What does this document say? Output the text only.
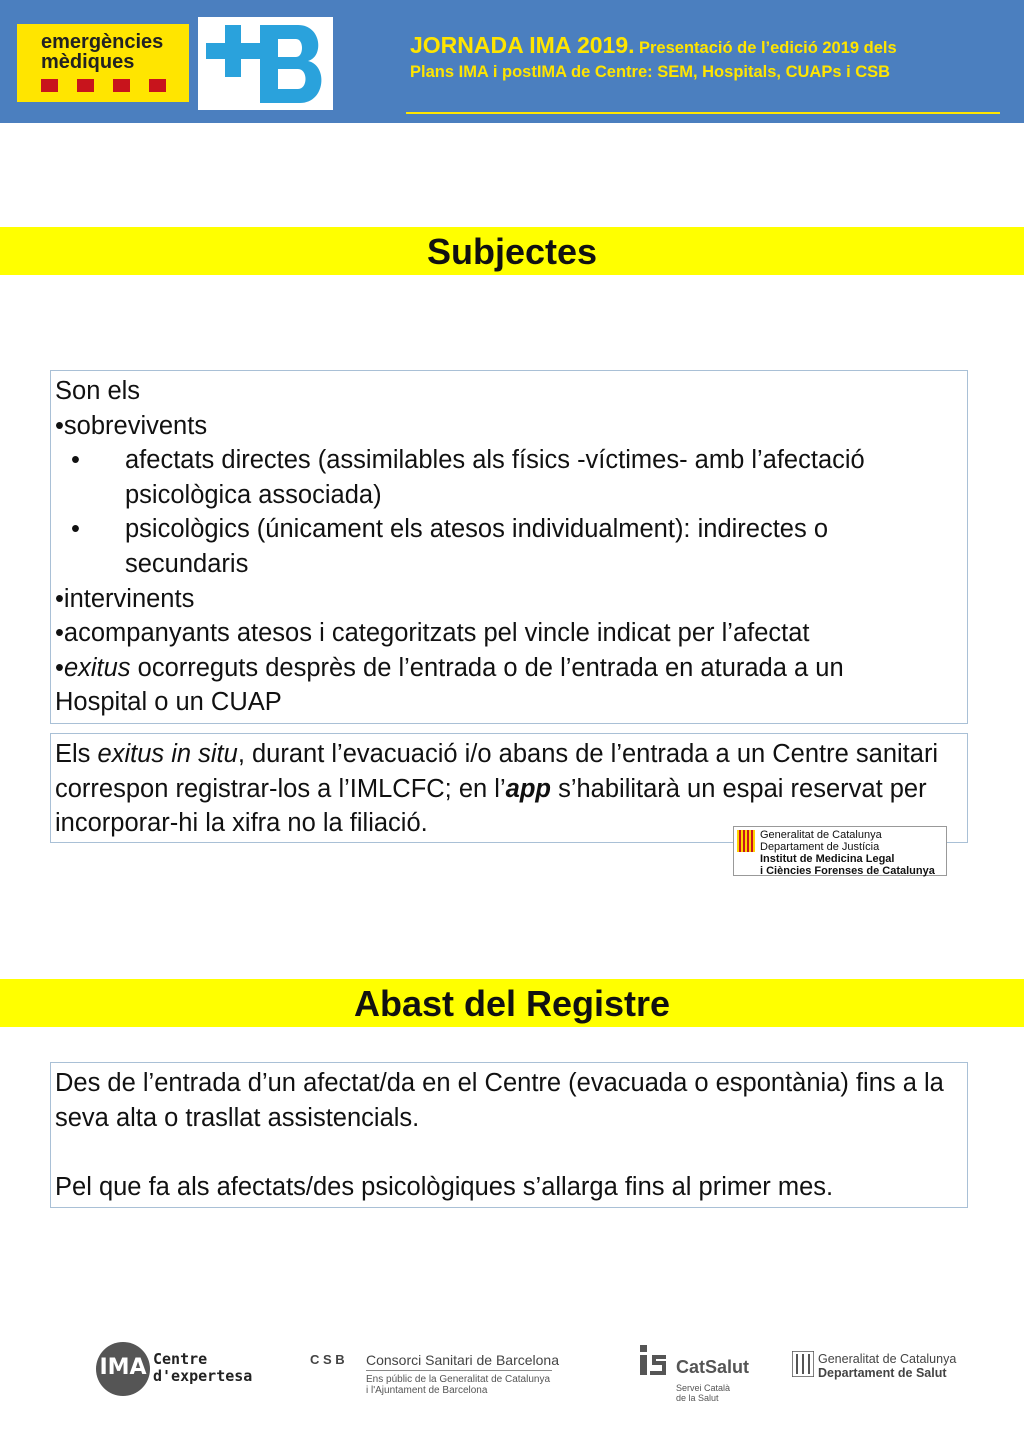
emergències
mèdiques
JORNADA IMA 2019. Presentació de l’edició 2019 dels
Plans IMA i postIMA de Centre: SEM, Hospitals, CUAPs i CSB
Subjectes

Son els

•sobrevivents

• afectats directes (assimilables als físics -víctimes- amb l’afectació
psicològica associada)

• psicològics (únicament els atesos individualment): indirectes o
secundaris

•intervinents

•acompanyants atesos i categoritzats pel vincle indicat per l’afectat

•exitus ocorreguts desprès de l’entrada o de l’entrada en aturada a un
Hospital o un CUAP

Els exitus in situ, durant l’evacuació i/o abans de l’entrada a un Centre sanitari correspon registrar-los a l’IMLCFC; en l’app s’habilitarà un espai reservat per incorporar-hi la xifra no la filiació.	Generalitat de Catalunya
Departament de Justícia
Institut de Medicina Legal
i Ciències Forenses de Catalunya
Abast del Registre

Des de l’entrada d’un afectat/da en el Centre (evacuada o espontània) fins a la seva alta o trasllat assistencials.

Pel que fa als afectats/des psicològiques s’allarga fins al primer mes.

IMA Centre
d'expertesa
C S B Consorci Sanitari de Barcelona
Ens públic de la Generalitat de Catalunya
i l'Ajuntament de Barcelona
CatSalut
Servei Català
de la Salut
Generalitat de Catalunya
Departament de Salut
